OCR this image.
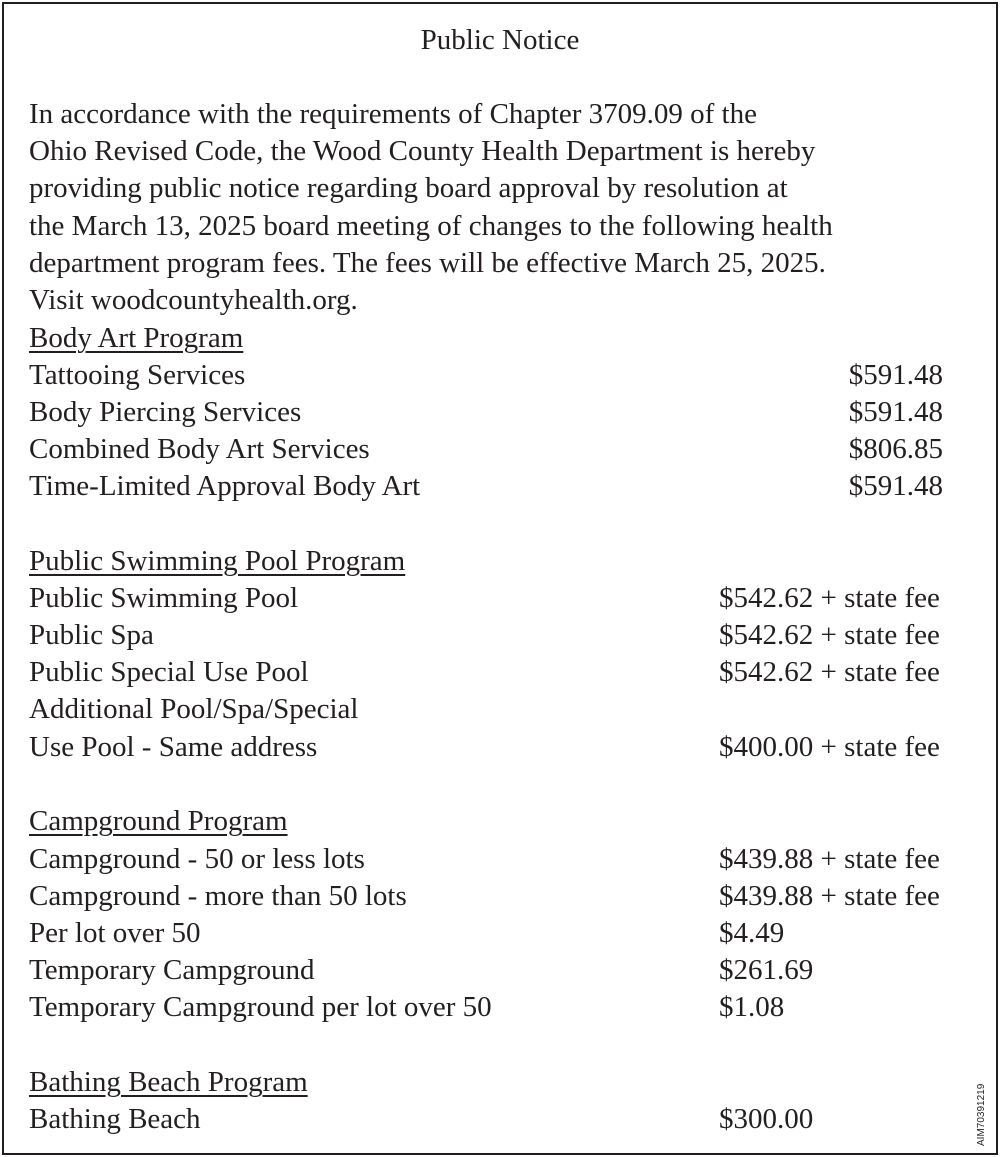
Public Notice
In accordance with the requirements of Chapter 3709.09 of the
Ohio Revised Code, the Wood County Health Department is hereby
providing public notice regarding board approval by resolution at
the March 13, 2025 board meeting of changes to the following health
department program fees. The fees will be effective March 25, 2025.
Visit woodcountyhealth.org.
Body Art Program
Tattooing Services	$591.48
Body Piercing Services	$591.48
Combined Body Art Services	$806.85
Time-Limited Approval Body Art	$591.48
Public Swimming Pool Program
Public Swimming Pool	$542.62 + state fee
Public Spa	$542.62 + state fee
Public Special Use Pool	$542.62 + state fee
Additional Pool/Spa/Special
Use Pool - Same address	$400.00 + state fee
Campground Program
Campground - 50 or less lots	$439.88 + state fee
Campground - more than 50 lots	$439.88 + state fee
Per lot over 50	$4.49
Temporary Campground	$261.69
Temporary Campground per lot over 50	$1.08
Bathing Beach Program
Bathing Beach	$300.00	AIM70391219
